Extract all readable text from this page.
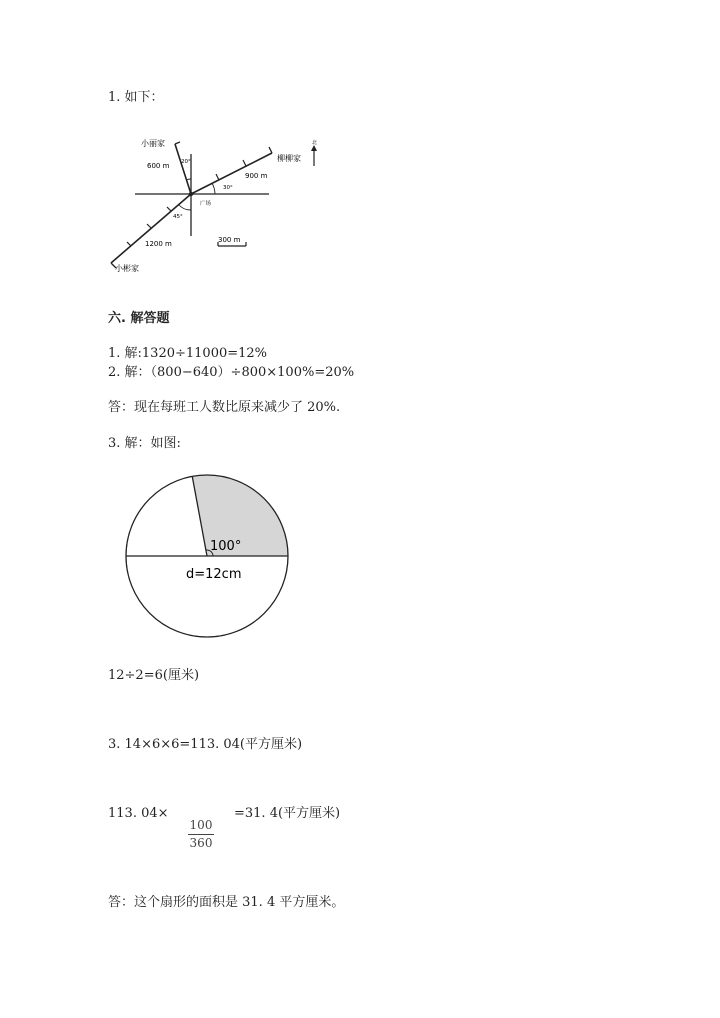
1. 如下：
小丽家
600 m 20°	柳柳家
北
900 m
30°
广场
45°
1200 m	300 m
小彬家
六. 解答题
1. 解:1320÷11000=12%
2. 解：（800−640）÷800×100%=20%
答：现在每班工人数比原来减少了 20%.
3. 解：如图:
100°
d=12cm
12÷2=6(厘米)
3. 14×6×6=113. 04(平方厘米)
113. 04×
100
360
=31. 4(平方厘米)
答：这个扇形的面积是 31. 4 平方厘米。
